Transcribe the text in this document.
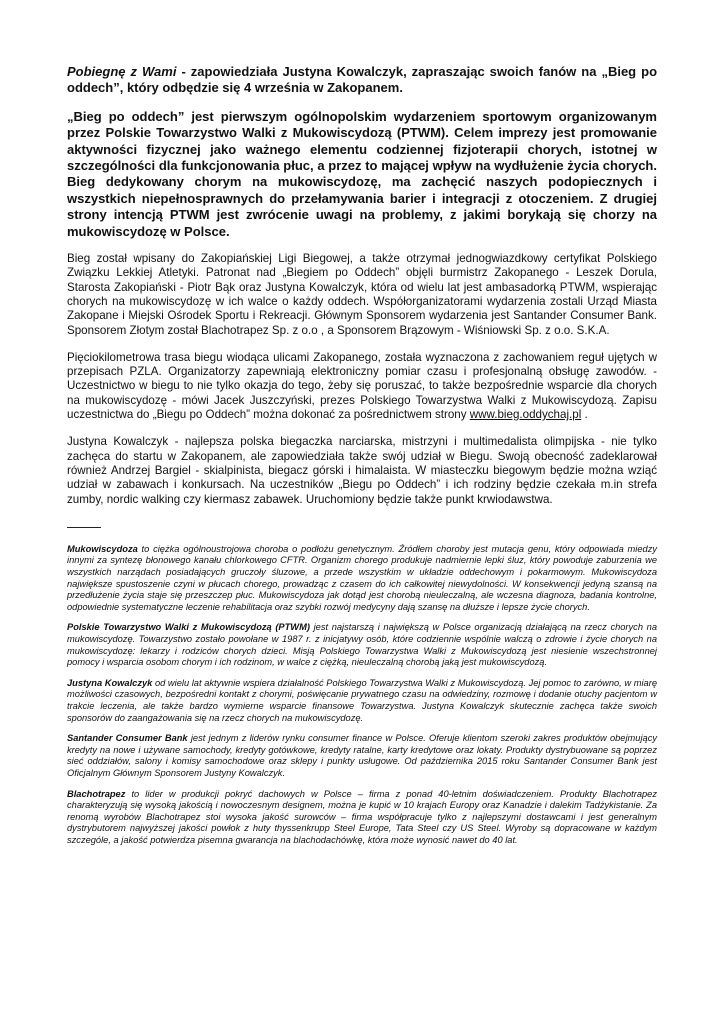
Pobiegnę z Wami - zapowiedziała Justyna Kowalczyk, zapraszając swoich fanów na „Bieg po oddech”, który odbędzie się 4 września w Zakopanem.

„Bieg po oddech” jest pierwszym ogólnopolskim wydarzeniem sportowym organizowanym przez Polskie Towarzystwo Walki z Mukowiscydozą (PTWM). Celem imprezy jest promowanie aktywności fizycznej jako ważnego elementu codziennej fizjoterapii chorych, istotnej w szczególności dla funkcjonowania płuc, a przez to mającej wpływ na wydłużenie życia chorych. Bieg dedykowany chorym na mukowiscydozę, ma zachęcić naszych podopiecznych i wszystkich niepełnosprawnych do przełamywania barier i integracji z otoczeniem. Z drugiej strony intencją PTWM jest zwrócenie uwagi na problemy, z jakimi borykają się chorzy na mukowiscydozę w Polsce.

Bieg został wpisany do Zakopiańskiej Ligi Biegowej, a także otrzymał jednogwiazdkowy certyfikat Polskiego Związku Lekkiej Atletyki. Patronat nad „Biegiem po Oddech” objęli burmistrz Zakopanego - Leszek Dorula, Starosta Zakopiański - Piotr Bąk oraz Justyna Kowalczyk, która od wielu lat jest ambasadorką PTWM, wspierając chorych na mukowiscydozę w ich walce o każdy oddech. Współorganizatorami wydarzenia zostali Urząd Miasta Zakopane i Miejski Ośrodek Sportu i Rekreacji. Głównym Sponsorem wydarzenia jest Santander Consumer Bank. Sponsorem Złotym został Blachotrapez Sp. z o.o , a Sponsorem Brązowym - Wiśniowski Sp. z o.o. S.K.A.

Pięciokilometrowa trasa biegu wiodąca ulicami Zakopanego, została wyznaczona z zachowaniem reguł ujętych w przepisach PZLA. Organizatorzy zapewniają elektroniczny pomiar czasu i profesjonalną obsługę zawodów. - Uczestnictwo w biegu to nie tylko okazja do tego, żeby się poruszać, to także bezpośrednie wsparcie dla chorych na mukowiscydozę - mówi Jacek Juszczyński, prezes Polskiego Towarzystwa Walki z Mukowiscydozą. Zapisu uczestnictwa do „Biegu po Oddech” można dokonać za pośrednictwem strony www.bieg.oddychaj.pl .

Justyna Kowalczyk - najlepsza polska biegaczka narciarska, mistrzyni i multimedalista olimpijska - nie tylko zachęca do startu w Zakopanem, ale zapowiedziała także swój udział w Biegu. Swoją obecność zadeklarował również Andrzej Bargiel - skialpinista, biegacz górski i himalaista. W miasteczku biegowym będzie można wziąć udział w zabawach i konkursach. Na uczestników „Biegu po Oddech” i ich rodziny będzie czekała m.in strefa zumby, nordic walking czy kiermasz zabawek. Uruchomiony będzie także punkt krwiodawstwa.

Mukowiscydoza to ciężka ogólnoustrojowa choroba o podłożu genetycznym. Źródłem choroby jest mutacja genu, który odpowiada miedzy innymi za syntezę błonowego kanału chlorkowego CFTR. Organizm chorego produkuje nadmiernie lepki śluz, który powoduje zaburzenia we wszystkich narządach posiadających gruczoły śluzowe, a przede wszystkim w układzie oddechowym i pokarmowym. Mukowiscydoza największe spustoszenie czyni w płucach chorego, prowadząc z czasem do ich całkowitej niewydolności. W konsekwencji jedyną szansą na przedłużenie życia staje się przeszczep płuc. Mukowiscydoza jak dotąd jest chorobą nieuleczalną, ale wczesna diagnoza, badania kontrolne, odpowiednie systematyczne leczenie rehabilitacja oraz szybki rozwój medycyny dają szansę na dłuższe i lepsze życie chorych.

Polskie Towarzystwo Walki z Mukowiscydozą (PTWM) jest najstarszą i największą w Polsce organizacją działającą na rzecz chorych na mukowiscydozę. Towarzystwo zostało powołane w 1987 r. z inicjatywy osób, które codziennie wspólnie walczą o zdrowie i życie chorych na mukowiscydozę: lekarzy i rodziców chorych dzieci. Misją Polskiego Towarzystwa Walki z Mukowiscydozą jest niesienie wszechstronnej pomocy i wsparcia osobom chorym i ich rodzinom, w walce z ciężką, nieuleczalną chorobą jaką jest mukowiscydozą.

Justyna Kowalczyk od wielu lat aktywnie wspiera działalność Polskiego Towarzystwa Walki z Mukowiscydozą. Jej pomoc to zarówno, w miarę możliwości czasowych, bezpośredni kontakt z chorymi, poświęcanie prywatnego czasu na odwiedziny, rozmowę i dodanie otuchy pacjentom w trakcie leczenia, ale także bardzo wymierne wsparcie finansowe Towarzystwa. Justyna Kowalczyk skutecznie zachęca także swoich sponsorów do zaangażowania się na rzecz chorych na mukowiscydozę.

Santander Consumer Bank jest jednym z liderów rynku consumer finance w Polsce. Oferuje klientom szeroki zakres produktów obejmujący kredyty na nowe i używane samochody, kredyty gotówkowe, kredyty ratalne, karty kredytowe oraz lokaty. Produkty dystrybuowane są poprzez sieć oddziałów, salony i komisy samochodowe oraz sklepy i punkty usługowe. Od października 2015 roku Santander Consumer Bank jest Oficjalnym Głównym Sponsorem Justyny Kowalczyk.

Blachotrapez to lider w produkcji pokryć dachowych w Polsce – firma z ponad 40-letnim doświadczeniem. Produkty Blachotrapez charakteryzują się wysoką jakością i nowoczesnym designem, można je kupić w 10 krajach Europy oraz Kanadzie i dalekim Tadżykistanie. Za renomą wyrobów Blachotrapez stoi wysoka jakość surowców – firma współpracuje tylko z najlepszymi dostawcami i jest generalnym dystrybutorem najwyższej jakości powłok z huty thyssenkrupp Steel Europe, Tata Steel czy US Steel. Wyroby są dopracowane w każdym szczególe, a jakość potwierdza pisemna gwarancja na blachodachówkę, która może wynosić nawet do 40 lat.
